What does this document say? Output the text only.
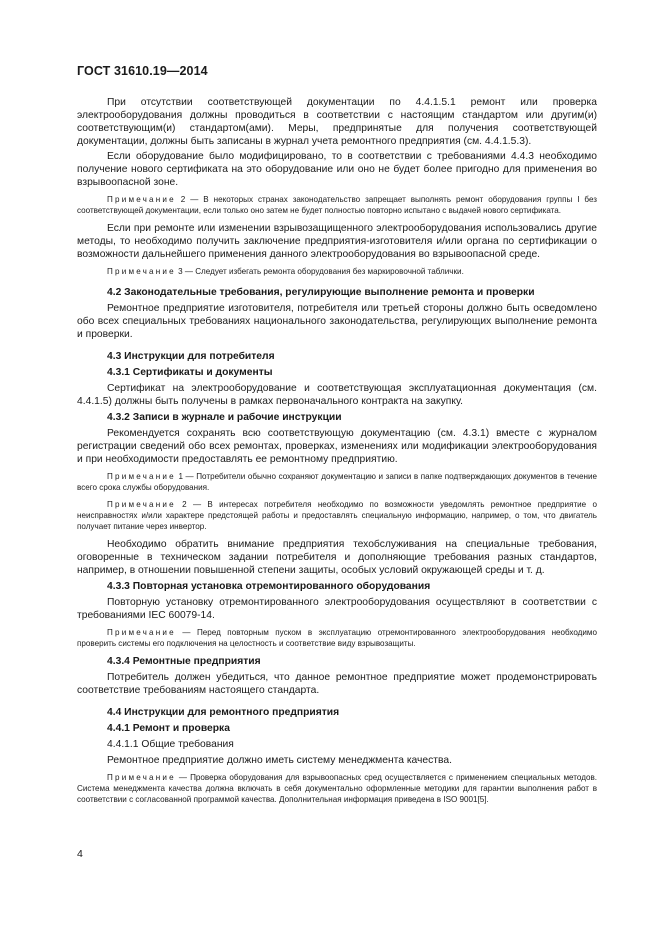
ГОСТ 31610.19—2014

При отсутствии соответствующей документации по 4.4.1.5.1 ремонт или проверка электрооборудования должны проводиться в соответствии с настоящим стандартом или другим(и) соответствующим(и) стандартом(ами). Меры, предпринятые для получения соответствующей документации, должны быть записаны в журнал учета ремонтного предприятия (см. 4.4.1.5.3).

Если оборудование было модифицировано, то в соответствии с требованиями 4.4.3 необходимо получение нового сертификата на это оборудование или оно не будет более пригодно для применения во взрывоопасной зоне.

Примечание 2 — В некоторых странах законодательство запрещает выполнять ремонт оборудования группы I без соответствующей документации, если только оно затем не будет полностью повторно испытано с выдачей нового сертификата.

Если при ремонте или изменении взрывозащищенного электрооборудования использовались другие методы, то необходимо получить заключение предприятия-изготовителя и/или органа по сертификации о возможности дальнейшего применения данного электрооборудования во взрывоопасной среде.

Примечание 3 — Следует избегать ремонта оборудования без маркировочной таблички.

4.2 Законодательные требования, регулирующие выполнение ремонта и проверки

Ремонтное предприятие изготовителя, потребителя или третьей стороны должно быть осведомлено обо всех специальных требованиях национального законодательства, регулирующих выполнение ремонта и проверки.

4.3 Инструкции для потребителя

4.3.1 Сертификаты и документы

Сертификат на электрооборудование и соответствующая эксплуатационная документация (см. 4.4.1.5) должны быть получены в рамках первоначального контракта на закупку.

4.3.2 Записи в журнале и рабочие инструкции

Рекомендуется сохранять всю соответствующую документацию (см. 4.3.1) вместе с журналом регистрации сведений обо всех ремонтах, проверках, изменениях или модификации электрооборудования и при необходимости предоставлять ее ремонтному предприятию.

Примечание 1 — Потребители обычно сохраняют документацию и записи в папке подтверждающих документов в течение всего срока службы оборудования.

Примечание 2 — В интересах потребителя необходимо по возможности уведомлять ремонтное предприятие о неисправностях и/или характере предстоящей работы и предоставлять специальную информацию, например, о том, что двигатель получает питание через инвертор.

Необходимо обратить внимание предприятия техобслуживания на специальные требования, оговоренные в техническом задании потребителя и дополняющие требования разных стандартов, например, в отношении повышенной степени защиты, особых условий окружающей среды и т. д.

4.3.3 Повторная установка отремонтированного оборудования

Повторную установку отремонтированного электрооборудования осуществляют в соответствии с требованиями IEC 60079-14.

Примечание — Перед повторным пуском в эксплуатацию отремонтированного электрооборудования необходимо проверить системы его подключения на целостность и соответствие виду взрывозащиты.

4.3.4 Ремонтные предприятия

Потребитель должен убедиться, что данное ремонтное предприятие может продемонстрировать соответствие требованиям настоящего стандарта.

4.4 Инструкции для ремонтного предприятия

4.4.1 Ремонт и проверка

4.4.1.1 Общие требования

Ремонтное предприятие должно иметь систему менеджмента качества.

Примечание — Проверка оборудования для взрывоопасных сред осуществляется с применением специальных методов. Система менеджмента качества должна включать в себя документально оформленные методики для гарантии выполнения работ в соответствии с согласованной программой качества. Дополнительная информация приведена в ISO 9001[5].

4
